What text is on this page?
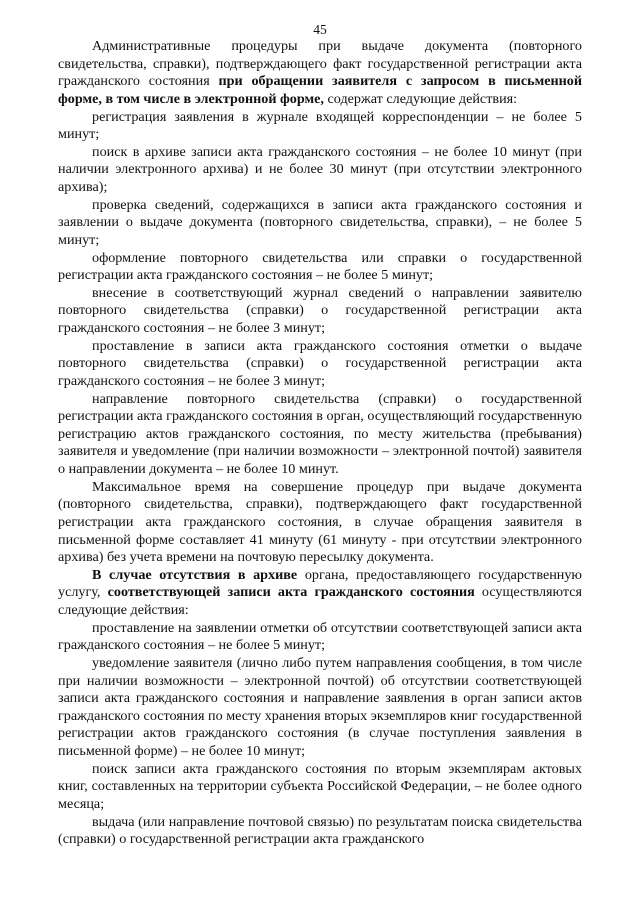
45

Административные процедуры при выдаче документа (повторного свидетельства, справки), подтверждающего факт государственной регистрации акта гражданского состояния при обращении заявителя с запросом в письменной форме, в том числе в электронной форме, содержат следующие действия:

регистрация заявления в журнале входящей корреспонденции – не более 5 минут;

поиск в архиве записи акта гражданского состояния – не более 10 минут (при наличии электронного архива) и не более 30 минут (при отсутствии электронного архива);

проверка сведений, содержащихся в записи акта гражданского состояния и заявлении о выдаче документа (повторного свидетельства, справки), – не более 5 минут;

оформление повторного свидетельства или справки о государственной регистрации акта гражданского состояния – не более 5 минут;

внесение в соответствующий журнал сведений о направлении заявителю повторного свидетельства (справки) о государственной регистрации акта гражданского состояния – не более 3 минут;

проставление в записи акта гражданского состояния отметки о выдаче повторного свидетельства (справки) о государственной регистрации акта гражданского состояния – не более 3 минут;

направление повторного свидетельства (справки) о государственной регистрации акта гражданского состояния в орган, осуществляющий государственную регистрацию актов гражданского состояния, по месту жительства (пребывания) заявителя и уведомление (при наличии возможности – электронной почтой) заявителя о направлении документа – не более 10 минут.

Максимальное время на совершение процедур при выдаче документа (повторного свидетельства, справки), подтверждающего факт государственной регистрации акта гражданского состояния, в случае обращения заявителя в письменной форме составляет 41 минуту (61 минуту - при отсутствии электронного архива) без учета времени на почтовую пересылку документа.

В случае отсутствия в архиве органа, предоставляющего государственную услугу, соответствующей записи акта гражданского состояния осуществляются следующие действия:

проставление на заявлении отметки об отсутствии соответствующей записи акта гражданского состояния – не более 5 минут;

уведомление заявителя (лично либо путем направления сообщения, в том числе при наличии возможности – электронной почтой) об отсутствии соответствующей записи акта гражданского состояния и направление заявления в орган записи актов гражданского состояния по месту хранения вторых экземпляров книг государственной регистрации актов гражданского состояния (в случае поступления заявления в письменной форме) – не более 10 минут;

поиск записи акта гражданского состояния по вторым экземплярам актовых книг, составленных на территории субъекта Российской Федерации, – не более одного месяца;

выдача (или направление почтовой связью) по результатам поиска свидетельства (справки) о государственной регистрации акта гражданского
